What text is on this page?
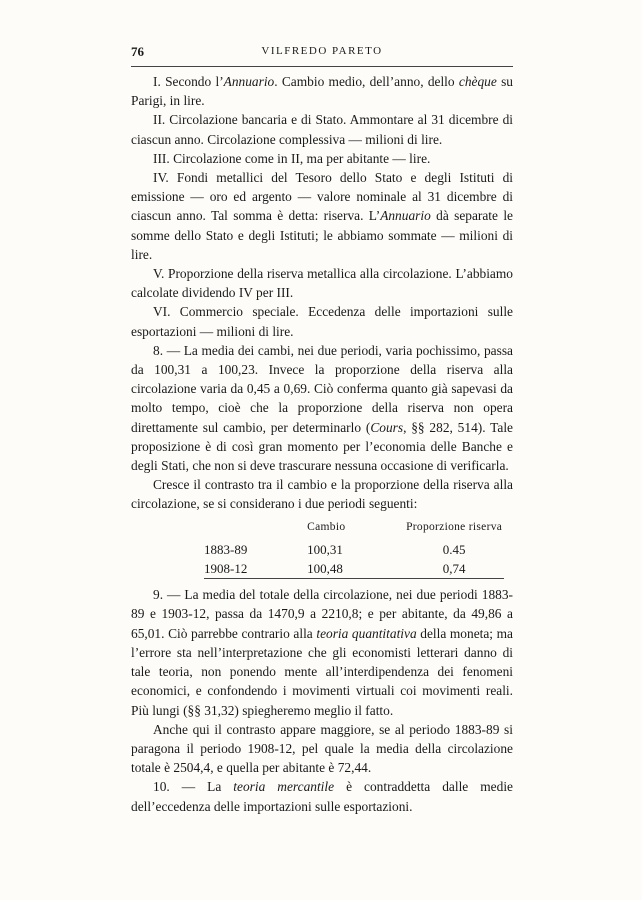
76	VILFREDO PARETO

I. Secondo l’Annuario. Cambio medio, dell’anno, dello chèque su Parigi, in lire.

II. Circolazione bancaria e di Stato. Ammontare al 31 dicembre di ciascun anno. Circolazione complessiva — milioni di lire.

III. Circolazione come in II, ma per abitante — lire.

IV. Fondi metallici del Tesoro dello Stato e degli Istituti di emissione — oro ed argento — valore nominale al 31 dicembre di ciascun anno. Tal somma è detta: riserva. L’Annuario dà separate le somme dello Stato e degli Istituti; le abbiamo sommate — milioni di lire.

V. Proporzione della riserva metallica alla circolazione. L’abbiamo calcolate dividendo IV per III.

VI. Commercio speciale. Eccedenza delle importazioni sulle esportazioni — milioni di lire.

8. — La media dei cambi, nei due periodi, varia pochissimo, passa da 100,31 a 100,23. Invece la proporzione della riserva alla circolazione varia da 0,45 a 0,69. Ciò conferma quanto già sapevasi da molto tempo, cioè che la proporzione della riserva non opera direttamente sul cambio, per determinarlo (Cours, §§ 282, 514). Tale proposizione è di così gran momento per l’economia delle Banche e degli Stati, che non si deve trascurare nessuna occasione di verificarla.

Cresce il contrasto tra il cambio e la proporzione della riserva alla circolazione, se si considerano i due periodi seguenti:

	Cambio	Proporzione riserva
1883-89	100,31	0.45
1908-12	100,48	0,74

9. — La media del totale della circolazione, nei due periodi 1883-89 e 1903-12, passa da 1470,9 a 2210,8; e per abitante, da 49,86 a 65,01. Ciò parrebbe contrario alla teoria quantitativa della moneta; ma l’errore sta nell’interpretazione che gli economisti letterari danno di tale teoria, non ponendo mente all’interdipendenza dei fenomeni economici, e confondendo i movimenti virtuali coi movimenti reali. Più lungi (§§ 31,32) spiegheremo meglio il fatto.

Anche qui il contrasto appare maggiore, se al periodo 1883-89 si paragona il periodo 1908-12, pel quale la media della circolazione totale è 2504,4, e quella per abitante è 72,44.

10. — La teoria mercantile è contraddetta dalle medie dell’eccedenza delle importazioni sulle esportazioni.
